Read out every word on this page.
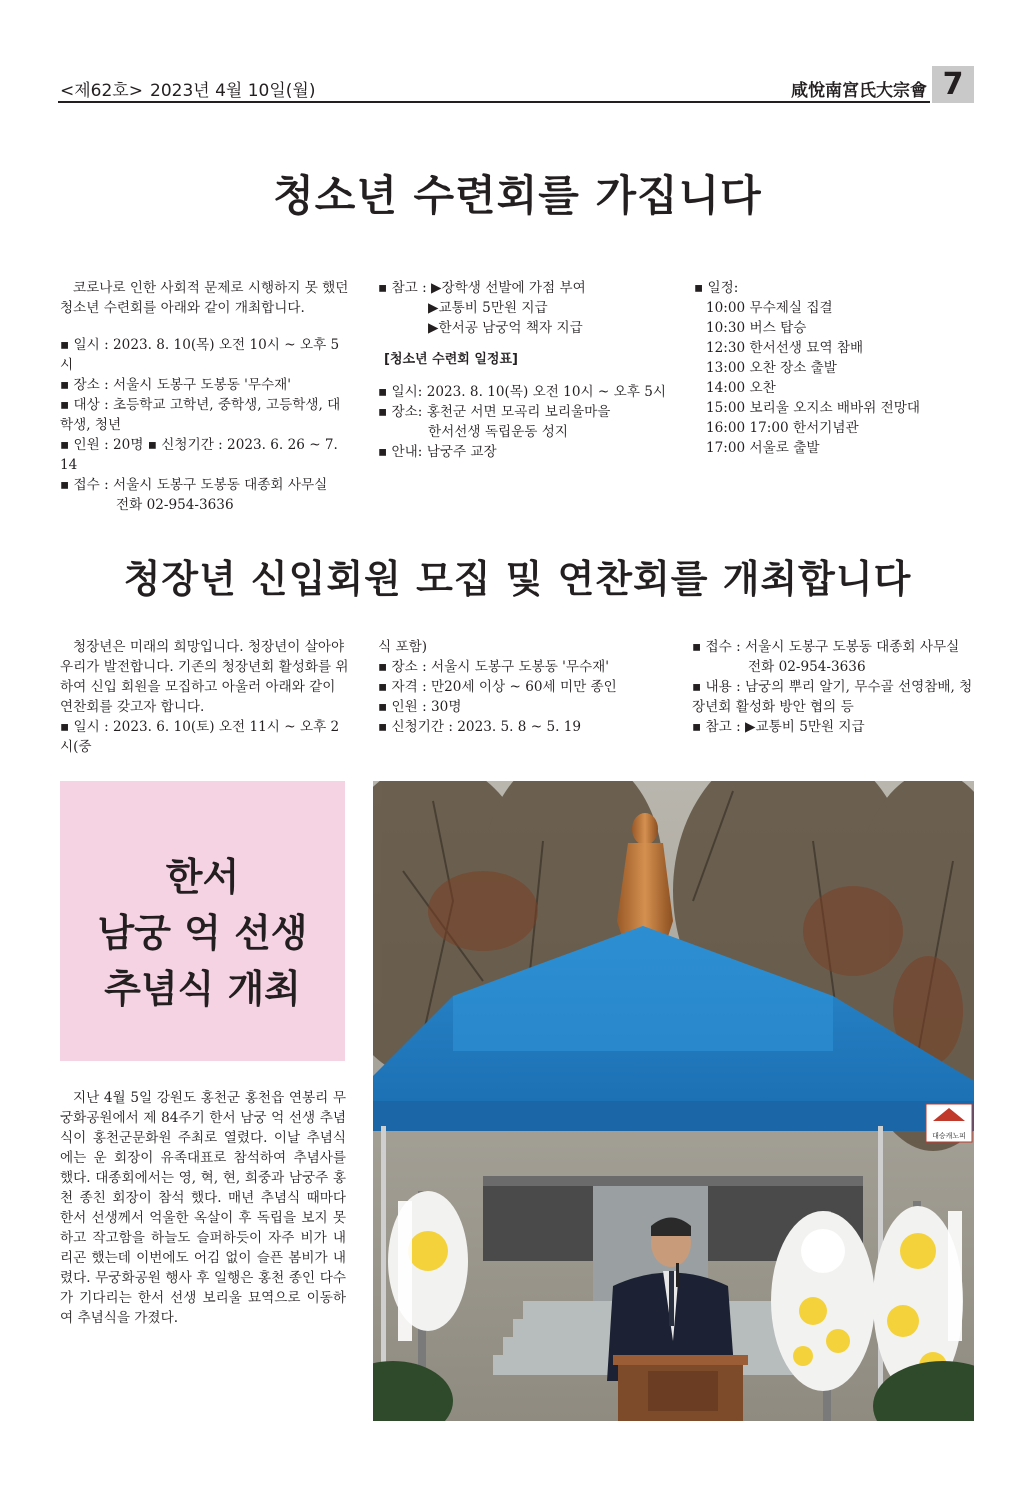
<제62호> 2023년 4월 10일(월)	咸悅南宮氏大宗會 7
청소년 수련회를 가집니다

코로나로 인한 사회적 문제로 시행하지 못 했던

청소년 수련회를 아래와 같이 개최합니다.

▪ 일시 : 2023. 8. 10(목) 오전 10시 ~ 오후 5시

▪ 장소 : 서울시 도봉구 도봉동 '무수재'

▪ 대상 : 초등학교 고학년, 중학생, 고등학생, 대

학생, 청년

▪ 인원 : 20명 ▪ 신청기간 : 2023. 6. 26 ~ 7. 14

▪ 접수 : 서울시 도봉구 도봉동 대종회 사무실

전화 02-954-3636

▪ 참고 : ▶장학생 선발에 가점 부여

▶교통비 5만원 지급

▶한서공 남궁억 책자 지급

[청소년 수련회 일정표]

▪ 일시: 2023. 8. 10(목) 오전 10시 ~ 오후 5시

▪ 장소: 홍천군 서면 모곡리 보리울마을

한서선생 독립운동 성지

▪ 안내: 남궁주 교장

▪ 일정:

10:00 무수제실 집결

10:30 버스 탑승

12:30 한서선생 묘역 참배

13:00 오찬 장소 출발

14:00 오찬

15:00 보리울 오지소 배바위 전망대

16:00 17:00 한서기념관

17:00 서울로 출발

청장년 신입회원 모집 및 연찬회를 개최합니다

청장년은 미래의 희망입니다. 청장년이 살아야

우리가 발전합니다. 기존의 청장년회 활성화를 위

하여 신입 회원을 모집하고 아울러 아래와 같이

연찬회를 갖고자 합니다.

▪ 일시 : 2023. 6. 10(토) 오전 11시 ~ 오후 2시(중

식 포함)

▪ 장소 : 서울시 도봉구 도봉동 '무수재'

▪ 자격 : 만20세 이상 ~ 60세 미만 종인

▪ 인원 : 30명

▪ 신청기간 : 2023. 5. 8 ~ 5. 19

▪ 접수 : 서울시 도봉구 도봉동 대종회 사무실

전화 02-954-3636

▪ 내용 : 남궁의 뿌리 알기, 무수골 선영참배, 청

장년회 활성화 방안 협의 등

▪ 참고 : ▶교통비 5만원 지급

한서
남궁 억 선생
추념식 개최
지난 4월 5일 강원도 홍천군 홍천읍 연봉리 무궁화공원에서 제 84주기 한서 남궁 억 선생 추념식이 홍천군문화원 주최로 열렸다. 이날 추념식에는 운 회장이 유족대표로 참석하여 추념사를 했다. 대종회에서는 영, 혁, 현, 희중과 남궁주 홍천 종친 회장이 참석 했다. 매년 추념식 때마다 한서 선생께서 억울한 옥살이 후 독립을 보지 못하고 작고함을 하늘도 슬퍼하듯이 자주 비가 내리곤 했는데 이번에도 어김 없이 슬픈 봄비가 내렸다. 무궁화공원 행사 후 일행은 홍천 종인 다수가 기다리는 한서 선생 보리울 묘역으로 이동하여 추념식을 가졌다.
대승캐노피
